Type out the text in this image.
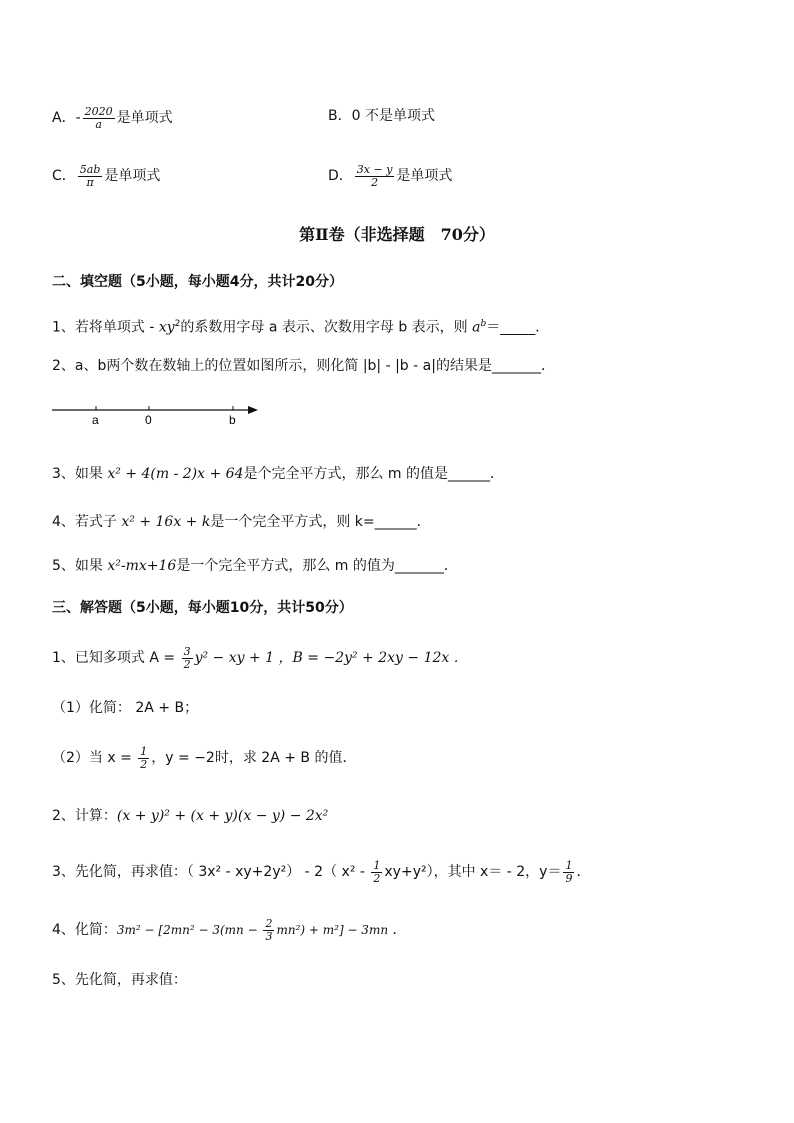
A．- $\frac{2020}{a}$ 是单项式	B．0 不是单项式
C． $\frac{5ab}{\pi}$ 是单项式	D． $\frac{3x - y}{2}$ 是单项式
第Ⅱ卷（非选择题　70分）
二、填空题（5小题，每小题4分，共计20分）
1、若将单项式 - $xy^2$的系数用字母 a 表示、次数用字母 b 表示，则 $a^b=\_\_\_\_\_$．
2、a、b两个数在数轴上的位置如图所示，则化简 |b| - |b - a|的结果是_______．
a	0	b
3、如果 x² + 4(m - 2)x + 64是个完全平方式，那么 m 的值是______．
4、若式子 x² + 16x + k是一个完全平方式，则 k=______．
5、如果 x²-mx+16是一个完全平方式，那么 m 的值为_______．
三、解答题（5小题，每小题10分，共计50分）
1、已知多项式 $A = \frac{3}{2} y^2$ − xy + 1 ，B = −2y² + 2xy − 12x ．
（1）化简： 2A + B；
（2）当 $x = \frac{1}{2}$ ，y = −2时，求 2A + B 的值．
2、计算：(x + y)² + (x + y)(x − y) − 2x²
3、先化简，再求值：（ 3x² - xy+2y²） - 2（ $x^2 - \frac{1}{2} xy+y^2$），其中 x＝ - 2，$y= \frac{1}{9}$ ．
4、化简：$3m^2 - [2mn^2 - 3(mn - \frac{2}{3} mn^2) + m^2] - 3mn$ ．
5、先化简，再求值：
